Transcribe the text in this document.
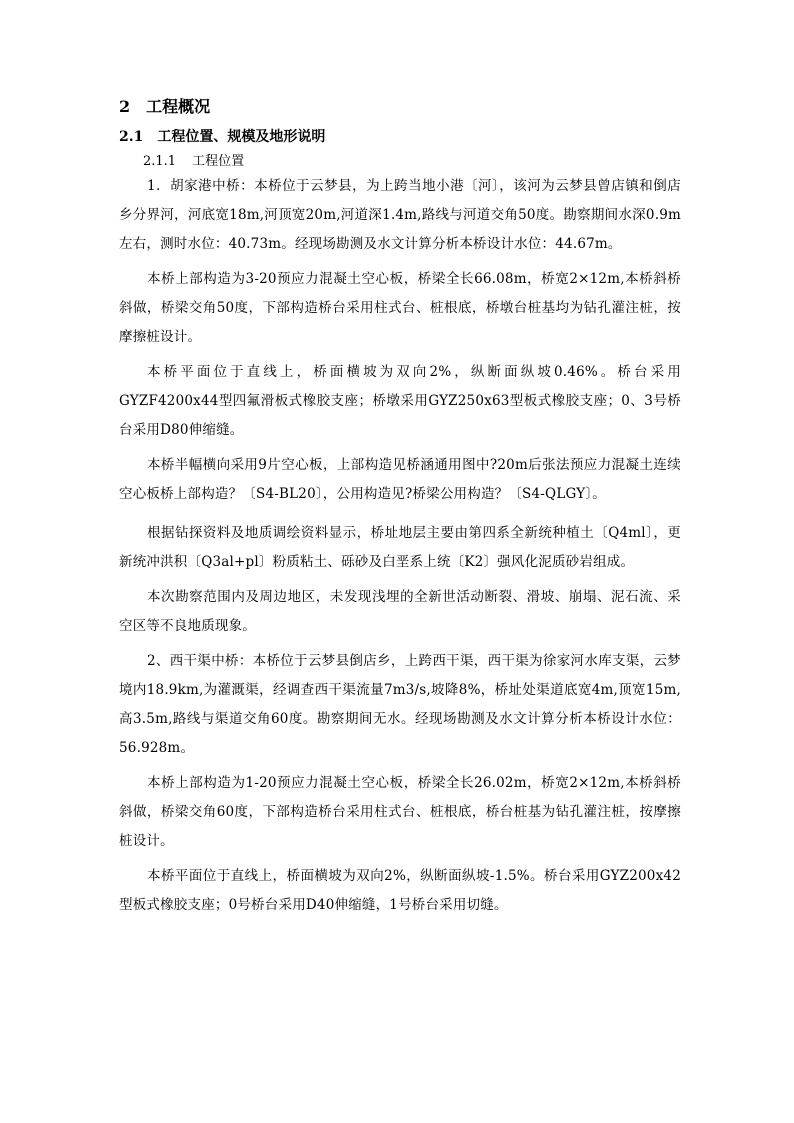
2 工程概况
2.1 工程位置、规模及地形说明
2.1.1 工程位置

1．胡家港中桥：本桥位于云梦县，为上跨当地小港〔河〕，该河为云梦县曾店镇和倒店乡分界河，河底宽18m,河顶宽20m,河道深1.4m,路线与河道交角50度。勘察期间水深0.9m左右，测时水位：40.73m。经现场勘测及水文计算分析本桥设计水位：44.67m。

本桥上部构造为3-20预应力混凝土空心板，桥梁全长66.08m，桥宽2×12m,本桥斜桥斜做，桥梁交角50度，下部构造桥台采用柱式台、桩根底，桥墩台桩基均为钻孔灌注桩，按摩擦桩设计。

本桥平面位于直线上，桥面横坡为双向2%，纵断面纵坡0.46%。桥台采用GYZF4200x44型四氟滑板式橡胶支座；桥墩采用GYZ250x63型板式橡胶支座；0、3号桥台采用D80伸缩缝。

本桥半幅横向采用9片空心板，上部构造见桥涵通用图中?20m后张法预应力混凝土连续空心板桥上部构造？〔S4-BL20〕，公用构造见?桥梁公用构造？〔S4-QLGY〕。

根据钻探资料及地质调绘资料显示，桥址地层主要由第四系全新统种植土〔Q4ml〕，更新统冲洪积〔Q3al+pl〕粉质粘土、砾砂及白垩系上统〔K2〕强风化泥质砂岩组成。

本次勘察范围内及周边地区，未发现浅埋的全新世活动断裂、滑坡、崩塌、泥石流、采空区等不良地质现象。

2、西干渠中桥：本桥位于云梦县倒店乡，上跨西干渠，西干渠为徐家河水库支渠，云梦境内18.9km,为灌溉渠，经调查西干渠流量7m3/s,坡降8%，桥址处渠道底宽4m,顶宽15m,高3.5m,路线与渠道交角60度。勘察期间无水。经现场勘测及水文计算分析本桥设计水位：56.928m。

本桥上部构造为1-20预应力混凝土空心板，桥梁全长26.02m，桥宽2×12m,本桥斜桥斜做，桥梁交角60度，下部构造桥台采用柱式台、桩根底，桥台桩基为钻孔灌注桩，按摩擦桩设计。

本桥平面位于直线上，桥面横坡为双向2%，纵断面纵坡-1.5%。桥台采用GYZ200x42型板式橡胶支座；0号桥台采用D40伸缩缝，1号桥台采用切缝。
